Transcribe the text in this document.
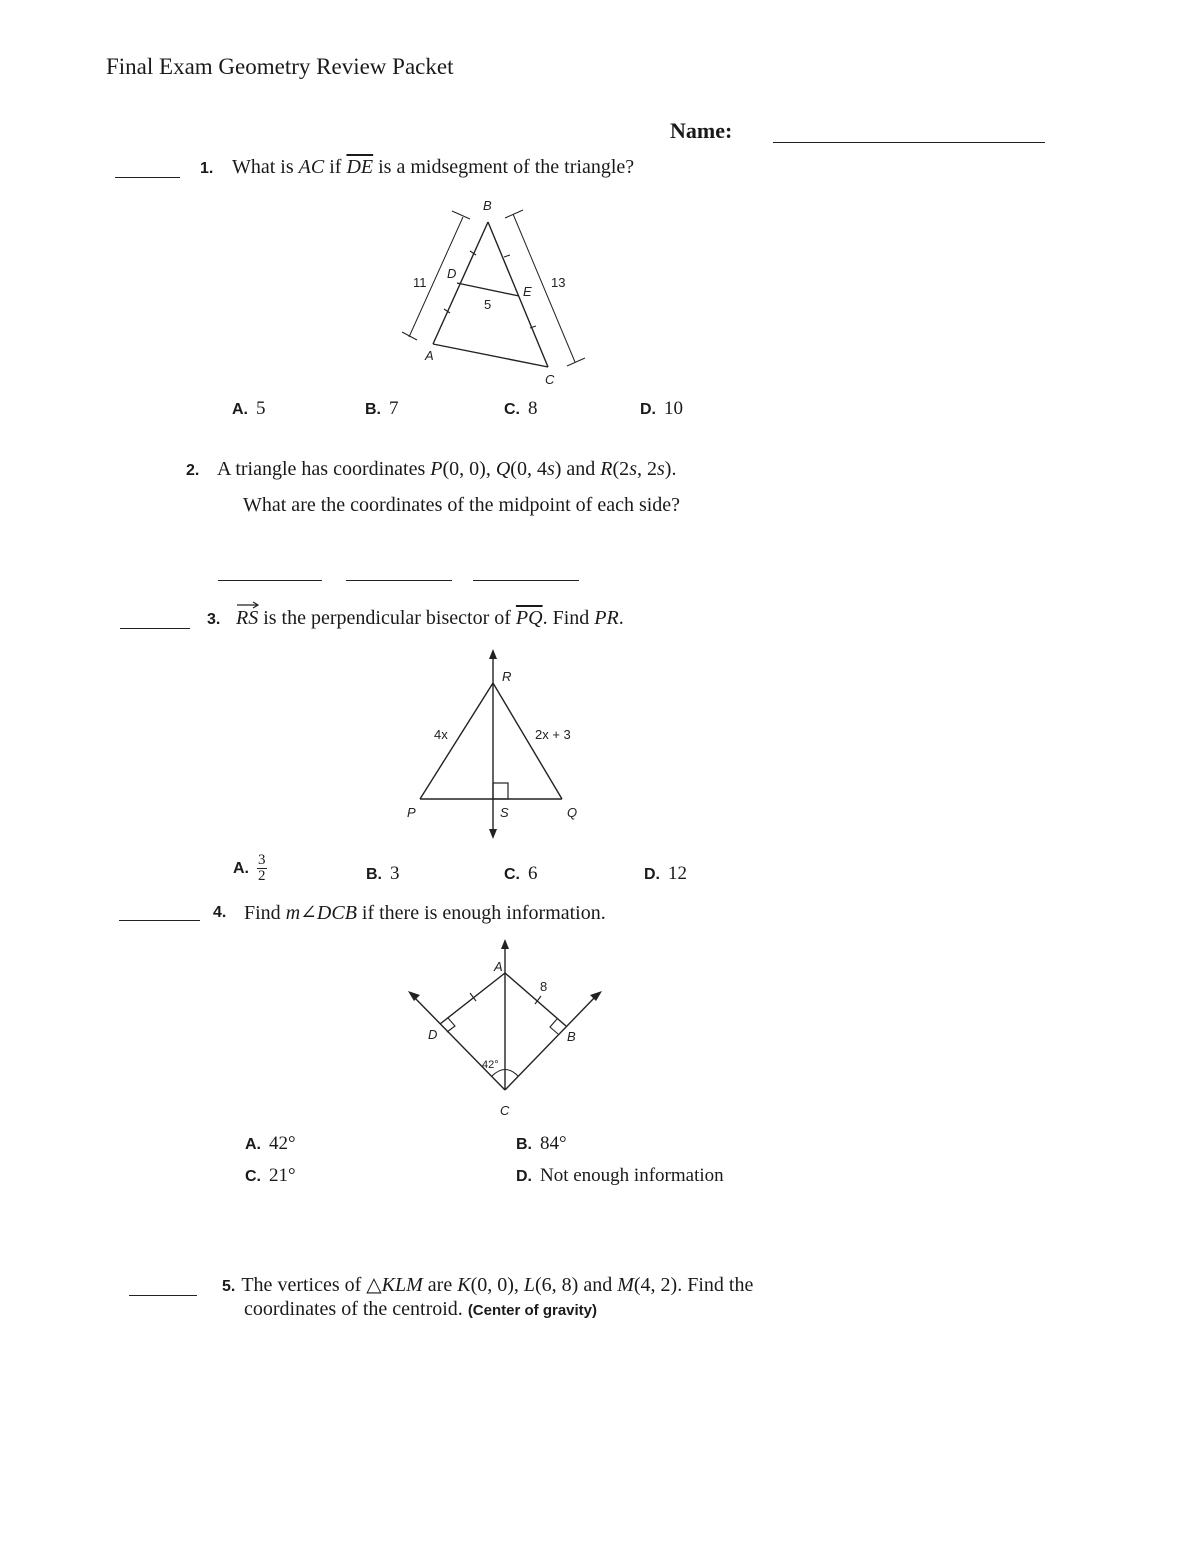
Final Exam Geometry Review Packet
Name:
1. What is AC if $\overline{DE}$ is a midsegment of the triangle?
B
D
E
A
C
11
5
13
A. 5	B. 7	C. 8	D. 10
2. A triangle has coordinates P(0, 0), Q(0, 4s) and R(2s, 2s).
What are the coordinates of the midpoint of each side?
3. RS is the perpendicular bisector of $\overline{PQ}$. Find PR.
R
4x	2x + 3
P	S	Q
A. $\frac{3}{2}$	B. 3	C. 6	D. 12
4. Find m∠DCB if there is enough information.
A
8
D	B
42°
C
A. 42°	B. 84°
C. 21°	D. Not enough information
5. The vertices of △KLM are K(0, 0), L(6, 8) and M(4, 2). Find the
coordinates of the centroid. (Center of gravity)
